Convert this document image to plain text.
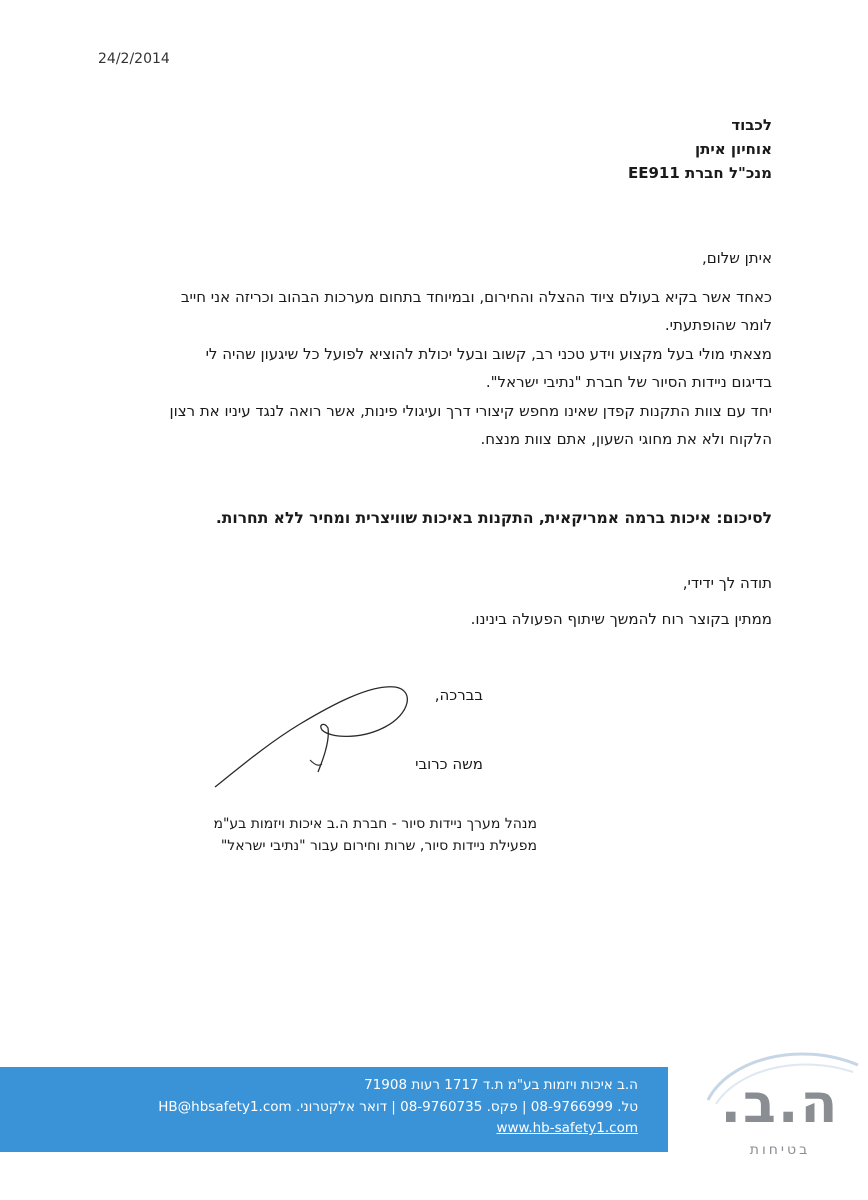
24/2/2014
לכבוד
אוחיון איתן
מנכ"ל חברת EE911

איתן שלום,

כאחד אשר בקיא בעולם ציוד ההצלה והחירום, ובמיוחד בתחום מערכות הבהוב וכריזה אני חייב

לומר שהופתעתי.

מצאתי מולי בעל מקצוע וידע טכני רב, קשוב ובעל יכולת להוציא לפועל כל שיגעון שהיה לי

בדיגום ניידות הסיור של חברת "נתיבי ישראל".

יחד עם צוות התקנות קפדן שאינו מחפש קיצורי דרך ועיגולי פינות, אשר רואה לנגד עיניו את רצון

הלקוח ולא את מחוגי השעון, אתם צוות מנצח.

לסיכום: איכות ברמה אמריקאית, התקנות באיכות שוויצרית ומחיר ללא תחרות.
תודה לך ידידי,
ממתין בקוצר רוח להמשך שיתוף הפעולה בינינו.
בברכה,
משה כרובי
מנהל מערך ניידות סיור - חברת ה.ב איכות ויזמות בע"מ
מפעילת ניידות סיור, שרות וחירום עבור "נתיבי ישראל"
ה.ב איכות ויזמות בע"מ ת.ד 1717 רעות 71908
טל. 08-9766999 | פקס. 08-9760735 | דואר אלקטרוני. HB@hbsafety1.com
www.hb-safety1.com	ה.ב.
בטיחות
